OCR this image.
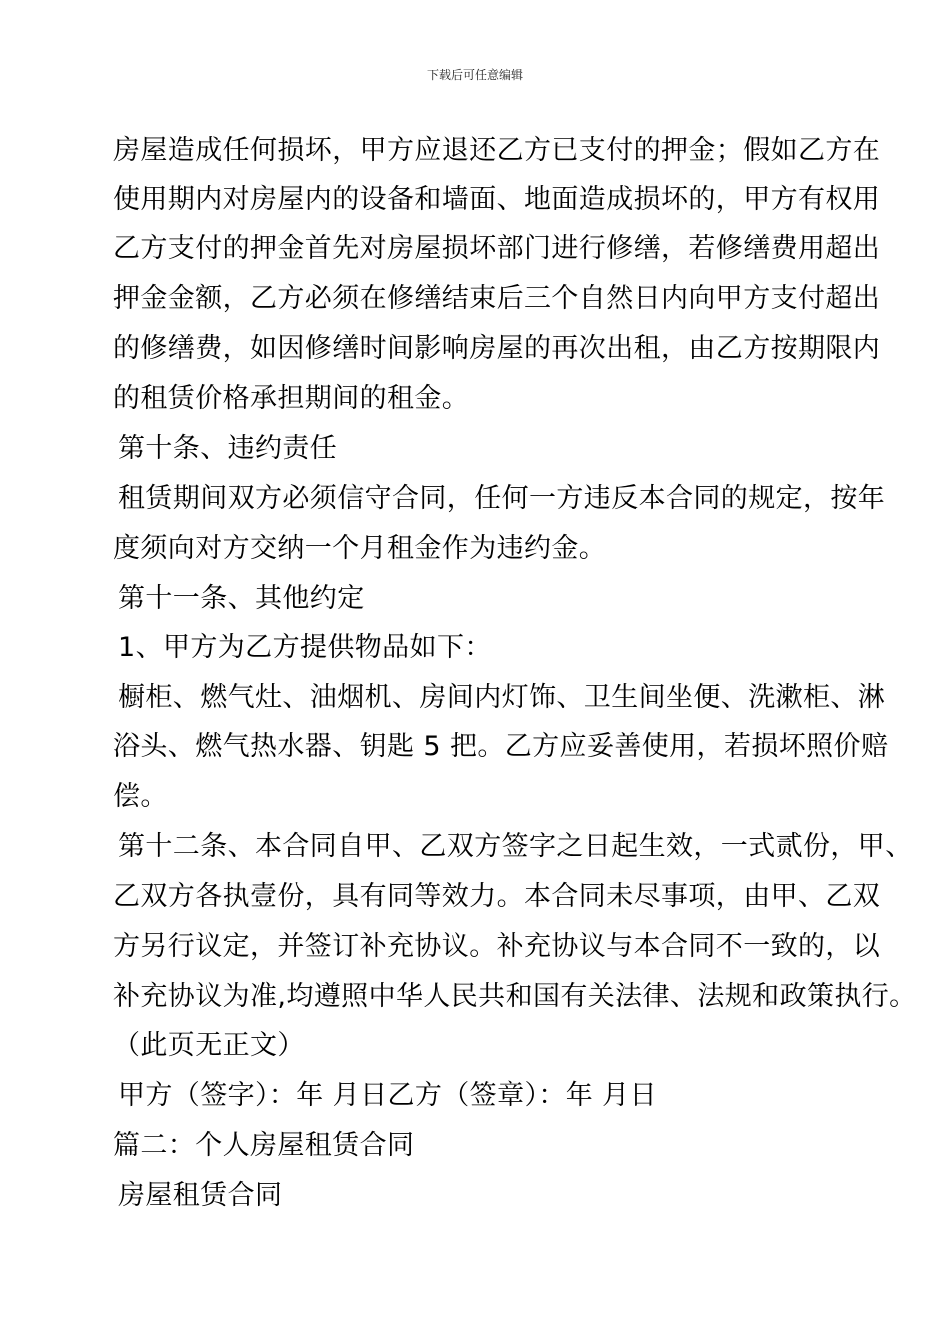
下载后可任意编辑
房屋造成任何损坏，甲方应退还乙方已支付的押金；假如乙方在
使用期内对房屋内的设备和墙面、地面造成损坏的，甲方有权用
乙方支付的押金首先对房屋损坏部门进行修缮，若修缮费用超出
押金金额，乙方必须在修缮结束后三个自然日内向甲方支付超出
的修缮费，如因修缮时间影响房屋的再次出租，由乙方按期限内
的租赁价格承担期间的租金。
第十条、违约责任
租赁期间双方必须信守合同，任何一方违反本合同的规定，按年
度须向对方交纳一个月租金作为违约金。
第十一条、其他约定
1、甲方为乙方提供物品如下：
橱柜、燃气灶、油烟机、房间内灯饰、卫生间坐便、洗漱柜、淋
浴头、燃气热水器、钥匙 5 把。乙方应妥善使用，若损坏照价赔
偿。
第十二条、本合同自甲、乙双方签字之日起生效，一式贰份，甲、
乙双方各执壹份，具有同等效力。本合同未尽事项，由甲、乙双
方另行议定，并签订补充协议。补充协议与本合同不一致的，以
补充协议为准,均遵照中华人民共和国有关法律、法规和政策执行。
（此页无正文）
甲方（签字）：年 月日乙方（签章）：年 月日
篇二：个人房屋租赁合同
房屋租赁合同
